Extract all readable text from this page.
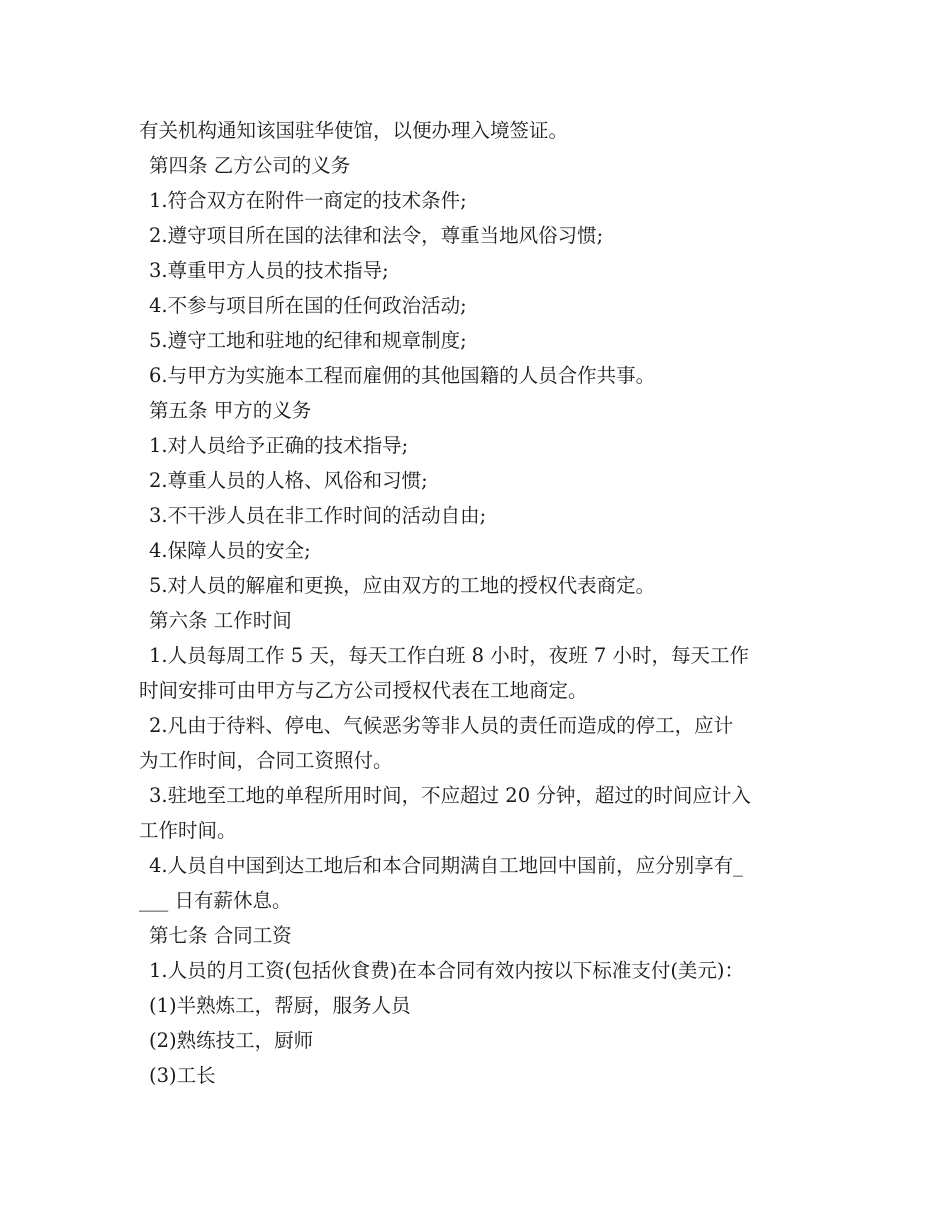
有关机构通知该国驻华使馆，以便办理入境签证。
第四条 乙方公司的义务
1.符合双方在附件一商定的技术条件;
2.遵守项目所在国的法律和法令，尊重当地风俗习惯;
3.尊重甲方人员的技术指导;
4.不参与项目所在国的任何政治活动;
5.遵守工地和驻地的纪律和规章制度;
6.与甲方为实施本工程而雇佣的其他国籍的人员合作共事。
第五条 甲方的义务
1.对人员给予正确的技术指导;
2.尊重人员的人格、风俗和习惯;
3.不干涉人员在非工作时间的活动自由;
4.保障人员的安全;
5.对人员的解雇和更换，应由双方的工地的授权代表商定。
第六条 工作时间
1.人员每周工作 5 天，每天工作白班 8 小时，夜班 7 小时，每天工作
时间安排可由甲方与乙方公司授权代表在工地商定。
2.凡由于待料、停电、气候恶劣等非人员的责任而造成的停工，应计
为工作时间，合同工资照付。
3.驻地至工地的单程所用时间，不应超过 20 分钟，超过的时间应计入
工作时间。
4.人员自中国到达工地后和本合同期满自工地回中国前，应分别享有_
___ 日有薪休息。
第七条 合同工资
1.人员的月工资(包括伙食费)在本合同有效内按以下标准支付(美元)：
(1)半熟炼工，帮厨，服务人员
(2)熟练技工，厨师
(3)工长
